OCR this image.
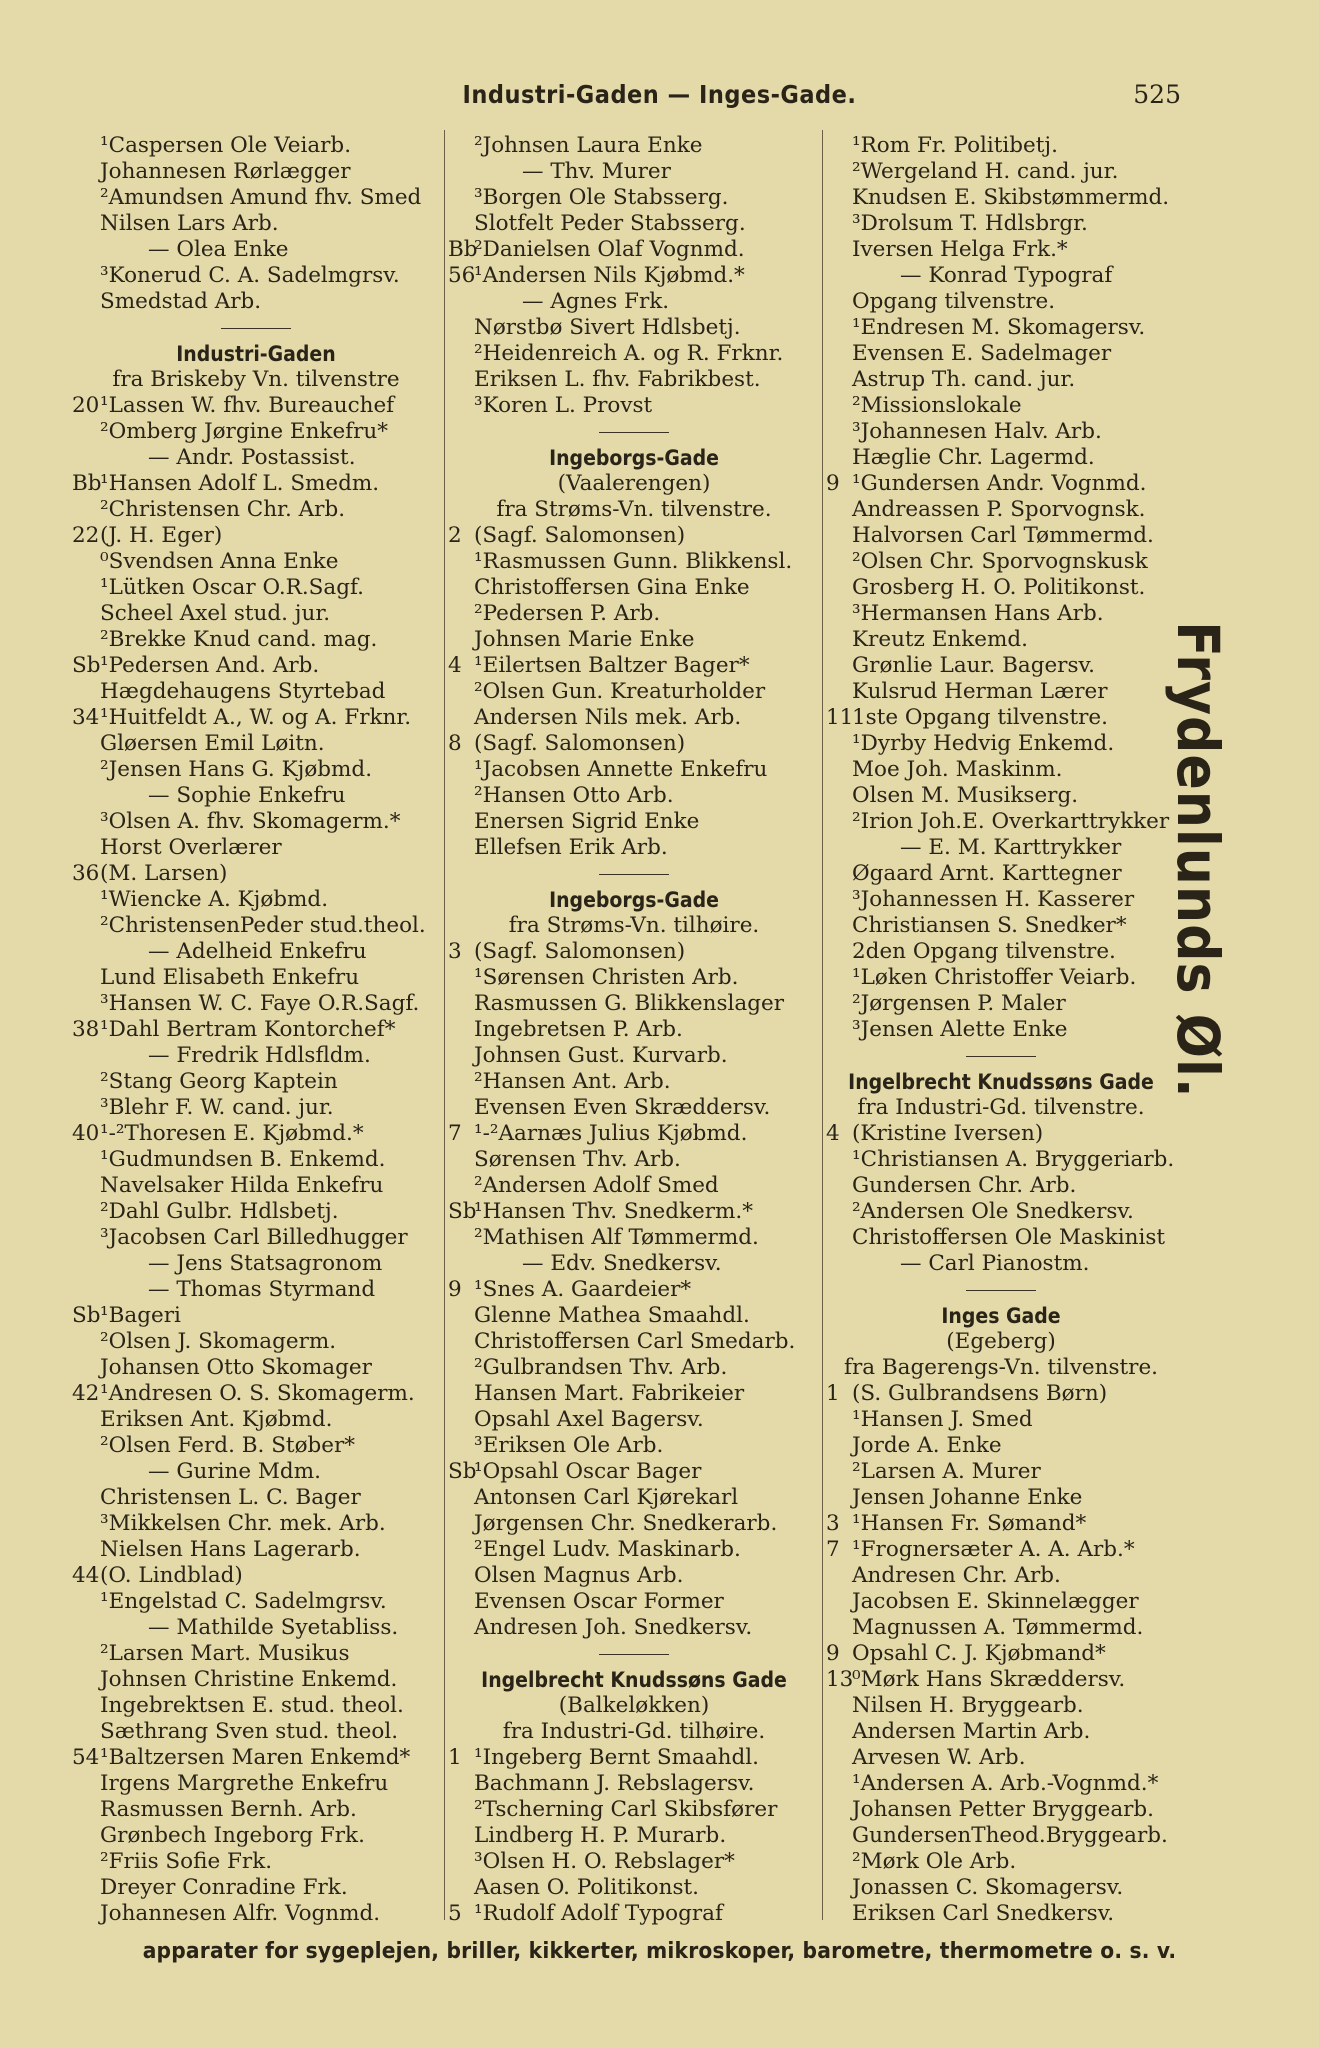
Industri-Gaden — Inges-Gade.	525
¹Caspersen Ole Veiarb.
Johannesen Rørlægger
²Amundsen Amund fhv. Smed
Nilsen Lars Arb.
— Olea Enke
³Konerud C. A. Sadelmgrsv.
Smedstad Arb.
Industri-Gaden
fra Briskeby Vn. tilvenstre
20 ¹Lassen W. fhv. Bureauchef
²Omberg Jørgine Enkefru*
— Andr. Postassist.
Bb
¹Hansen Adolf L. Smedm.
²Christensen Chr. Arb.
22 (J. H. Eger)
⁰Svendsen Anna Enke
¹Lütken Oscar O.R.Sagf.
Scheel Axel stud. jur.
²Brekke Knud cand. mag.
Sb ¹Pedersen And. Arb.
Hægdehaugens Styrtebad
34 ¹Huitfeldt A., W. og A. Frknr.
Gløersen Emil Løitn.
²Jensen Hans G. Kjøbmd.
— Sophie Enkefru
³Olsen A. fhv. Skomagerm.*
Horst Overlærer
36 (M. Larsen)
¹Wiencke A. Kjøbmd.
²ChristensenPeder stud.theol.
— Adelheid Enkefru
Lund Elisabeth Enkefru
³Hansen W. C. Faye O.R.Sagf.
38 ¹Dahl Bertram Kontorchef*
— Fredrik Hdlsfldm.
²Stang Georg Kaptein
³Blehr F. W. cand. jur.
40 ¹-²Thoresen E. Kjøbmd.*
¹Gudmundsen B. Enkemd.
Navelsaker Hilda Enkefru
²Dahl Gulbr. Hdlsbetj.
³Jacobsen Carl Billedhugger
— Jens Statsagronom
— Thomas Styrmand
Sb ¹Bageri
²Olsen J. Skomagerm.
Johansen Otto Skomager
42 ¹Andresen O. S. Skomagerm.
Eriksen Ant. Kjøbmd.
²Olsen Ferd. B. Støber*
— Gurine Mdm.
Christensen L. C. Bager
³Mikkelsen Chr. mek. Arb.
Nielsen Hans Lagerarb.
44 (O. Lindblad)
¹Engelstad C. Sadelmgrsv.
— Mathilde Syetabliss.
²Larsen Mart. Musikus
Johnsen Christine Enkemd.
Ingebrektsen E. stud. theol.
Sæthrang Sven stud. theol.
54 ¹Baltzersen Maren Enkemd*
Irgens Margrethe Enkefru
Rasmussen Bernh. Arb.
Grønbech Ingeborg Frk.
²Friis Sofie Frk.
Dreyer Conradine Frk.
Johannesen Alfr. Vognmd.
²Johnsen Laura Enke
— Thv. Murer
³Borgen Ole Stabsserg.
Slotfelt Peder Stabsserg.
Bb
²Danielsen Olaf Vognmd.
56
¹Andersen Nils Kjøbmd.*
— Agnes Frk.
Nørstbø Sivert Hdlsbetj.
²Heidenreich A. og R. Frknr.
Eriksen L. fhv. Fabrikbest.
³Koren L. Provst
Ingeborgs-Gade
(Vaalerengen)
fra Strøms-Vn. tilvenstre.
2 (Sagf. Salomonsen)
¹Rasmussen Gunn. Blikkensl.
Christoffersen Gina Enke
²Pedersen P. Arb.
Johnsen Marie Enke
4 ¹Eilertsen Baltzer Bager*
²Olsen Gun. Kreaturholder
Andersen Nils mek. Arb.
8 (Sagf. Salomonsen)
¹Jacobsen Annette Enkefru
²Hansen Otto Arb.
Enersen Sigrid Enke
Ellefsen Erik Arb.
Ingeborgs-Gade
fra Strøms-Vn. tilhøire.
3 (Sagf. Salomonsen)
¹Sørensen Christen Arb.
Rasmussen G. Blikkenslager
Ingebretsen P. Arb.
Johnsen Gust. Kurvarb.
²Hansen Ant. Arb.
Evensen Even Skræddersv.
7 ¹-²Aarnæs Julius Kjøbmd.
Sørensen Thv. Arb.
²Andersen Adolf Smed
Sb
¹Hansen Thv. Snedkerm.*
²Mathisen Alf Tømmermd.
— Edv. Snedkersv.
9 ¹Snes A. Gaardeier*
Glenne Mathea Smaahdl.
Christoffersen Carl Smedarb.
²Gulbrandsen Thv. Arb.
Hansen Mart. Fabrikeier
Opsahl Axel Bagersv.
³Eriksen Ole Arb.
Sb
¹Opsahl Oscar Bager
Antonsen Carl Kjørekarl
Jørgensen Chr. Snedkerarb.
²Engel Ludv. Maskinarb.
Olsen Magnus Arb.
Evensen Oscar Former
Andresen Joh. Snedkersv.
Ingelbrecht Knudssøns Gade
(Balkeløkken)
fra Industri-Gd. tilhøire.
1 ¹Ingeberg Bernt Smaahdl.
Bachmann J. Rebslagersv.
²Tscherning Carl Skibsfører
Lindberg H. P. Murarb.
³Olsen H. O. Rebslager*
Aasen O. Politikonst.
5 ¹Rudolf Adolf Typograf
¹Rom Fr. Politibetj.
²Wergeland H. cand. jur.
Knudsen E. Skibstømmermd.
³Drolsum T. Hdlsbrgr.
Iversen Helga Frk.*
— Konrad Typograf
Opgang tilvenstre.
¹Endresen M. Skomagersv.
Evensen E. Sadelmager
Astrup Th. cand. jur.
²Missionslokale
³Johannesen Halv. Arb.
Hæglie Chr. Lagermd.
9 ¹Gundersen Andr. Vognmd.
Andreassen P. Sporvognsk.
Halvorsen Carl Tømmermd.
²Olsen Chr. Sporvognskusk
Grosberg H. O. Politikonst.
³Hermansen Hans Arb.
Kreutz Enkemd.
Grønlie Laur. Bagersv.
Kulsrud Herman Lærer
11
1ste Opgang tilvenstre.
¹Dyrby Hedvig Enkemd.
Moe Joh. Maskinm.
Olsen M. Musikserg.
²Irion Joh.E. Overkarttrykker
— E. M. Karttrykker
Øgaard Arnt. Karttegner
³Johannessen H. Kasserer
Christiansen S. Snedker*
2den Opgang tilvenstre.
¹Løken Christoffer Veiarb.
²Jørgensen P. Maler
³Jensen Alette Enke
Ingelbrecht Knudssøns Gade
fra Industri-Gd. tilvenstre.
4 (Kristine Iversen)
¹Christiansen A. Bryggeriarb.
Gundersen Chr. Arb.
²Andersen Ole Snedkersv.
Christoffersen Ole Maskinist
— Carl Pianostm.
Inges Gade
(Egeberg)
fra Bagerengs-Vn. tilvenstre.
1 (S. Gulbrandsens Børn)
¹Hansen J. Smed
Jorde A. Enke
²Larsen A. Murer
Jensen Johanne Enke
3 ¹Hansen Fr. Sømand*
7 ¹Frognersæter A. A. Arb.*
Andresen Chr. Arb.
Jacobsen E. Skinnelægger
Magnussen A. Tømmermd.
9 Opsahl C. J. Kjøbmand*
13
⁰Mørk Hans Skræddersv.
Nilsen H. Bryggearb.
Andersen Martin Arb.
Arvesen W. Arb.
¹Andersen A. Arb.-Vognmd.*
Johansen Petter Bryggearb.
GundersenTheod.Bryggearb.
²Mørk Ole Arb.
Jonassen C. Skomagersv.
Eriksen Carl Snedkersv.
Frydenlunds Øl.
apparater for sygeplejen, briller, kikkerter, mikroskoper, barometre, thermometre o. s. v.
